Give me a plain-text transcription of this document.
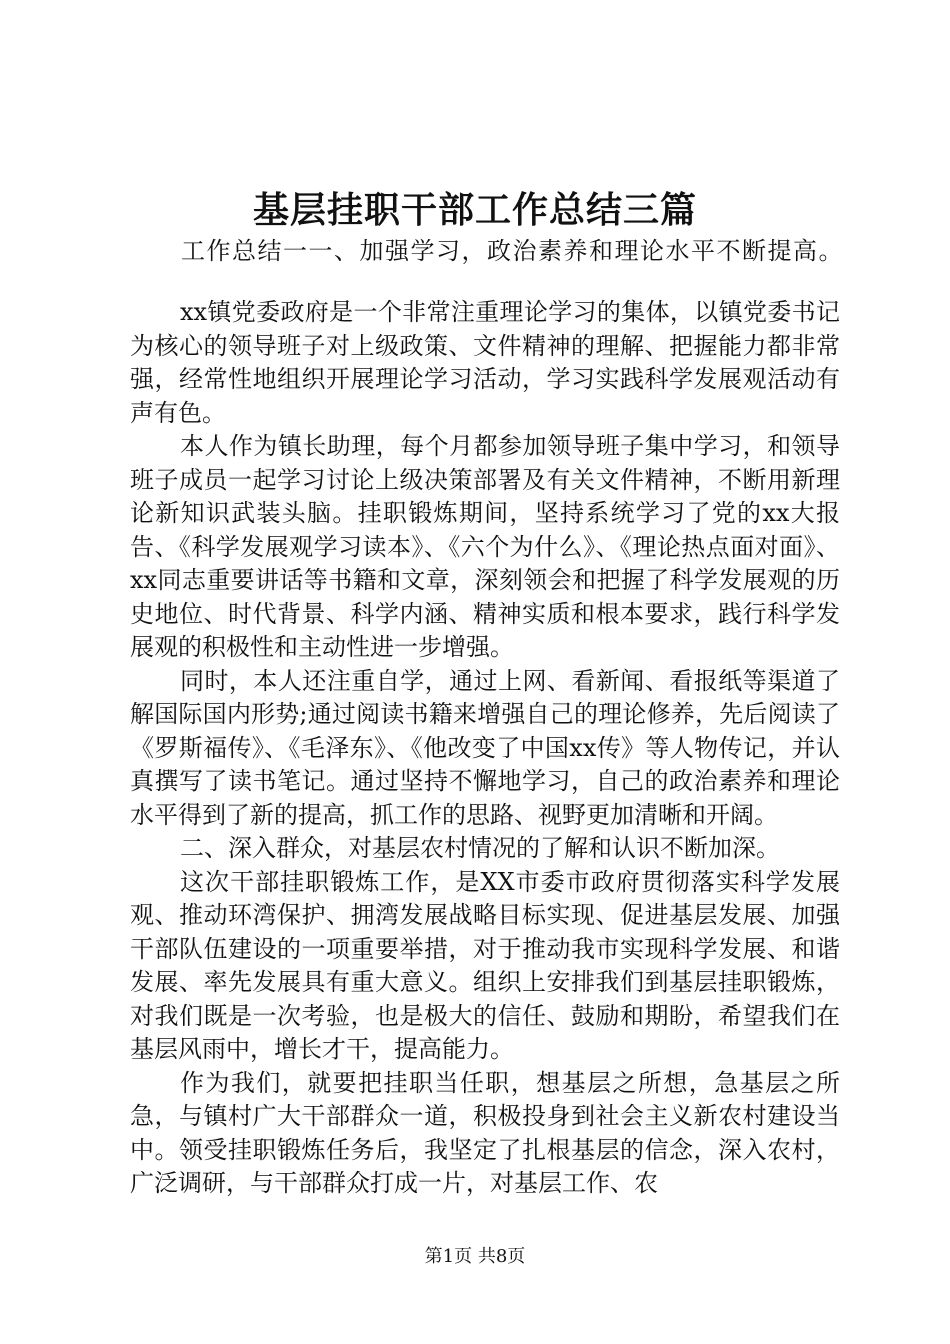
基层挂职干部工作总结三篇
工作总结一一、加强学习，政治素养和理论水平不断提高。

xx镇党委政府是一个非常注重理论学习的集体，以镇党委书记为核心的领导班子对上级政策、文件精神的理解、把握能力都非常强，经常性地组织开展理论学习活动，学习实践科学发展观活动有声有色。

本人作为镇长助理，每个月都参加领导班子集中学习，和领导班子成员一起学习讨论上级决策部署及有关文件精神，不断用新理论新知识武装头脑。挂职锻炼期间，坚持系统学习了党的xx大报告、《科学发展观学习读本》、《六个为什么》、《理论热点面对面》、xx同志重要讲话等书籍和文章，深刻领会和把握了科学发展观的历史地位、时代背景、科学内涵、精神实质和根本要求，践行科学发展观的积极性和主动性进一步增强。

同时，本人还注重自学，通过上网、看新闻、看报纸等渠道了解国际国内形势;通过阅读书籍来增强自己的理论修养，先后阅读了《罗斯福传》、《毛泽东》、《他改变了中国xx传》等人物传记，并认真撰写了读书笔记。通过坚持不懈地学习，自己的政治素养和理论水平得到了新的提高，抓工作的思路、视野更加清晰和开阔。

二、深入群众，对基层农村情况的了解和认识不断加深。

这次干部挂职锻炼工作，是XX市委市政府贯彻落实科学发展观、推动环湾保护、拥湾发展战略目标实现、促进基层发展、加强干部队伍建设的一项重要举措，对于推动我市实现科学发展、和谐发展、率先发展具有重大意义。组织上安排我们到基层挂职锻炼，对我们既是一次考验，也是极大的信任、鼓励和期盼，希望我们在基层风雨中，增长才干，提高能力。

作为我们，就要把挂职当任职，想基层之所想，急基层之所急，与镇村广大干部群众一道，积极投身到社会主义新农村建设当中。领受挂职锻炼任务后，我坚定了扎根基层的信念，深入农村，广泛调研，与干部群众打成一片，对基层工作、农

第1页 共8页
